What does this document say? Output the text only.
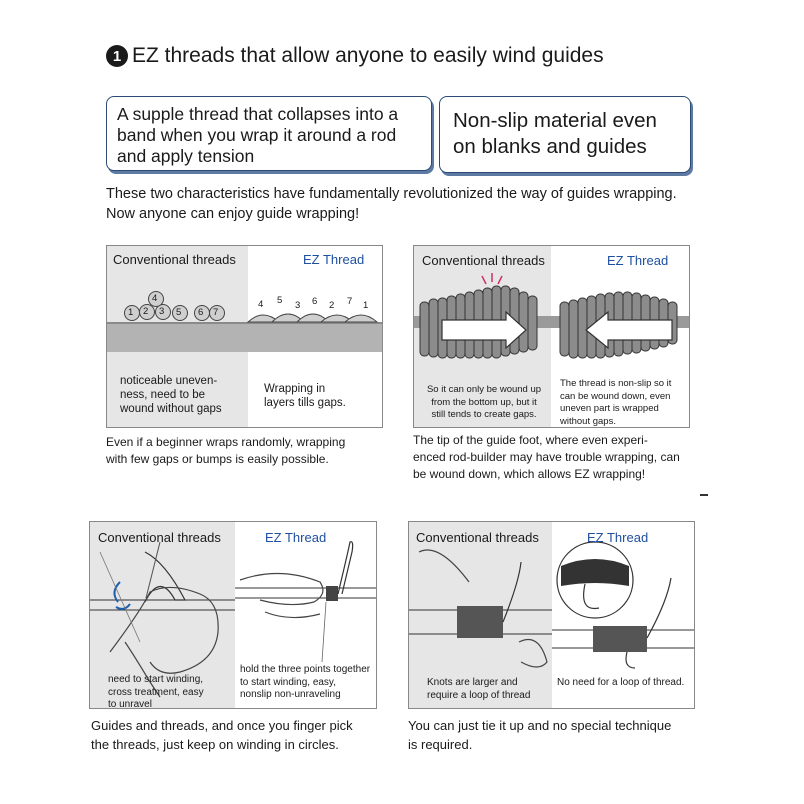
1 EZ threads that allow anyone to easily wind guides
A supple thread that collapses into a
band when you wrap it around a rod
and apply tension
Non-slip material even
on blanks and guides
These two characteristics have fundamentally revolutionized the way of guides wrapping.
Now anyone can enjoy guide wrapping!
1 2 3
4
5 6 7
4 5 3 6 2 7 1
Conventional threads	EZ Thread
noticeable uneven-
ness, need to be
wound without gaps
Wrapping in
layers tills gaps.
Even if a beginner wraps randomly, wrapping
with few gaps or bumps is easily possible.
Conventional threads	EZ Thread
So it can only be wound up
from the bottom up, but it
still tends to create gaps.
The thread is non-slip so it
can be wound down, even
uneven part is wrapped
without gaps.
The tip of the guide foot, where even experi-
enced rod-builder may have trouble wrapping, can
be wound down, which allows EZ wrapping!
Conventional threads	EZ Thread
need to start winding,
cross treatment, easy
to unravel
hold the three points together
to start winding, easy,
nonslip non-unraveling
Guides and threads, and once you finger pick
the threads, just keep on winding in circles.
Conventional threads	EZ Thread
Knots are larger and
require a loop of thread
No need for a loop of thread.
You can just tie it up and no special technique
is required.
